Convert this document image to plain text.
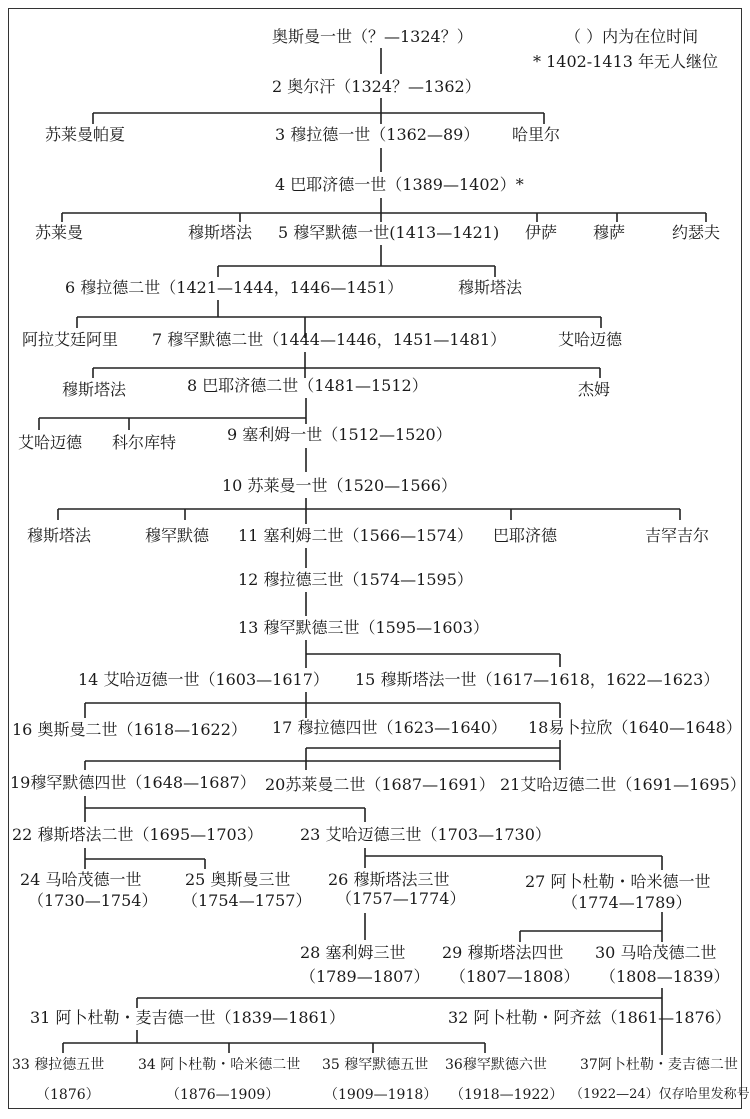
（ ）内为在位时间
* 1402-1413 年无人继位
奥斯曼一世（？—1324？）
2 奥尔汗（1324？—1362）
苏莱曼帕夏	3 穆拉德一世（1362—89） 哈里尔
4 巴耶济德一世（1389—1402）*
苏莱曼	穆斯塔法 5 穆罕默德一世(1413—1421) 伊萨 穆萨	约瑟夫
6 穆拉德二世（1421—1444，1446—1451）	穆斯塔法
阿拉艾廷阿里 7 穆罕默德二世（1444—1446，1451—1481）	艾哈迈德
穆斯塔法	8 巴耶济德二世（1481—1512）	杰姆
艾哈迈德 科尔库特	9 塞利姆一世（1512—1520）
10 苏莱曼一世（1520—1566）
穆斯塔法	穆罕默德 11 塞利姆二世（1566—1574） 巴耶济德	吉罕吉尔
12 穆拉德三世（1574—1595）
13 穆罕默德三世（1595—1603）
14 艾哈迈德一世（1603—1617） 15 穆斯塔法一世（1617—1618，1622—1623）
16 奥斯曼二世（1618—1622） 17 穆拉德四世（1623—1640） 18易卜拉欣（1640—1648）
19穆罕默德四世（1648—1687） 20苏莱曼二世（1687—1691） 21艾哈迈德二世（1691—1695）
22 穆斯塔法二世（1695—1703） 23 艾哈迈德三世（1703—1730）
24 马哈茂德一世
（1730—1754）
25 奥斯曼三世
（1754—1757）
26 穆斯塔法三世
（1757—1774）
27 阿卜杜勒・哈米德一世
（1774—1789）
28 塞利姆三世
（1789—1807）
29 穆斯塔法四世
（1807—1808）
30 马哈茂德二世
（1808—1839）
31 阿卜杜勒・麦吉德一世（1839—1861）	32 阿卜杜勒・阿齐兹（1861—1876）
33 穆拉德五世
（1876）
34 阿卜杜勒・哈米德二世
（1876—1909）
35 穆罕默德五世
（1909—1918）
36穆罕默德六世
（1918—1922）
37阿卜杜勒・麦吉德二世
（1922—24）仅存哈里发称号
